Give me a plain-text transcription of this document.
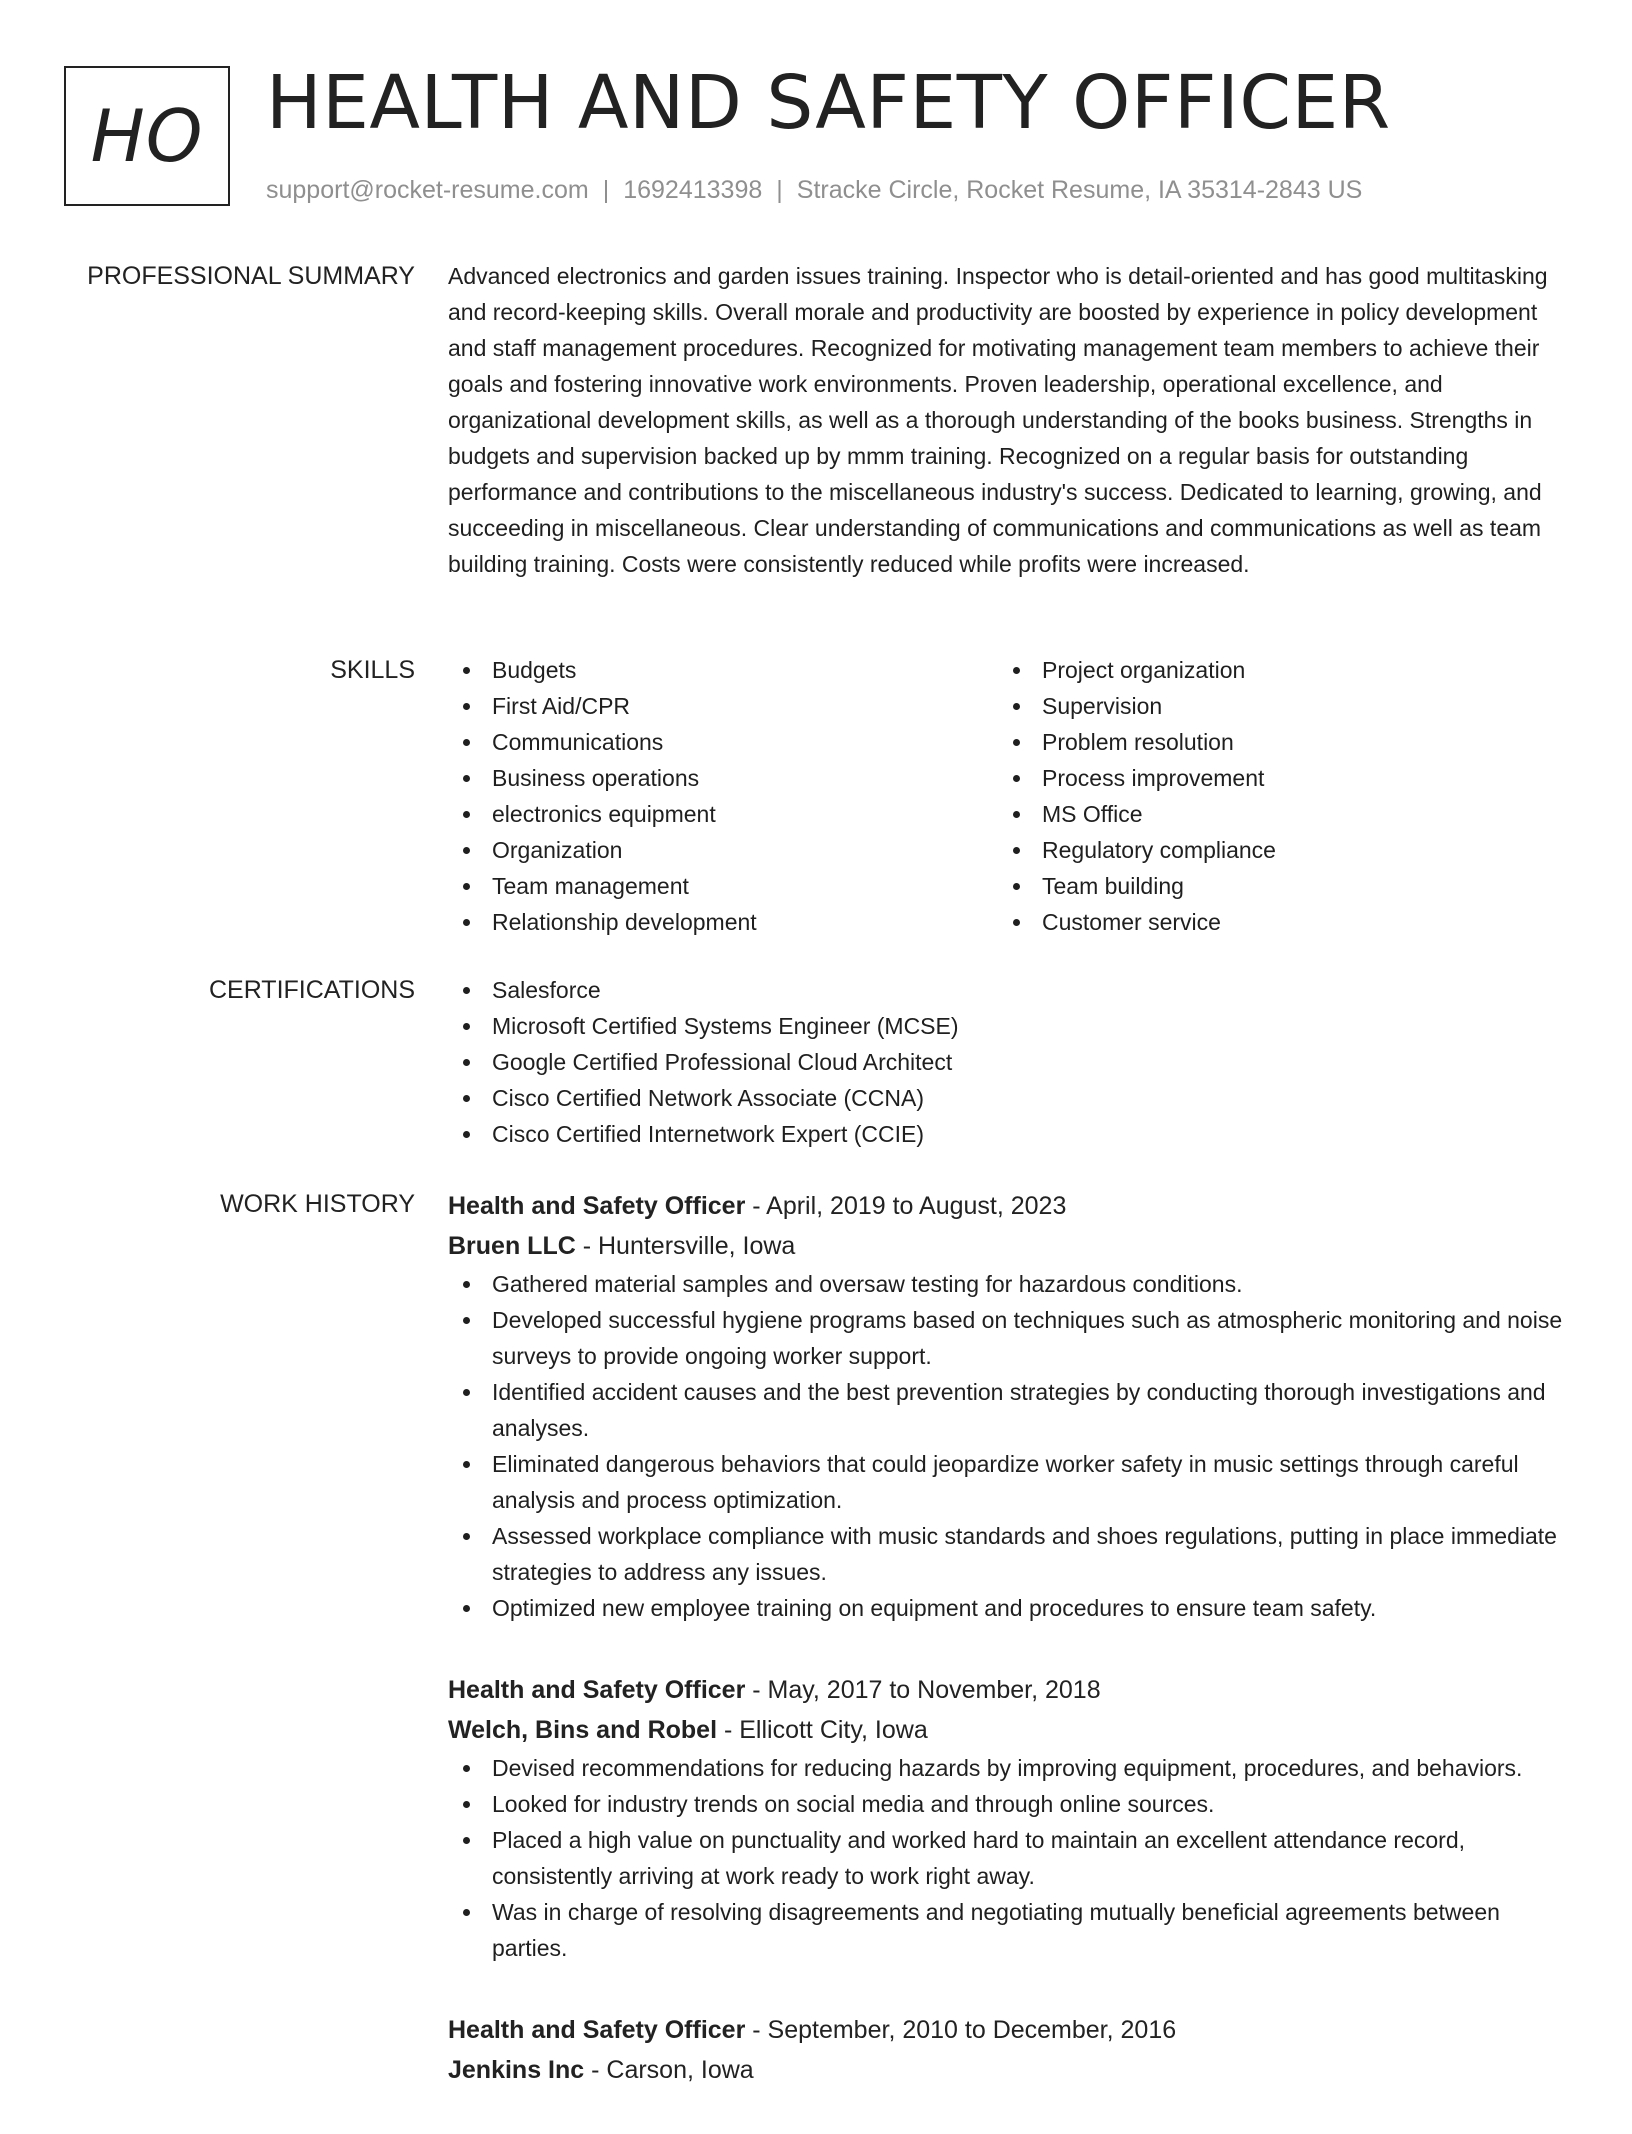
HO HEALTH AND SAFETY OFFICER
support@rocket-resume.com | 1692413398 | Stracke Circle, Rocket Resume, IA 35314-2843 US
PROFESSIONAL SUMMARY Advanced electronics and garden issues training. Inspector who is detail-oriented and has good multitasking and record-keeping skills. Overall morale and productivity are boosted by experience in policy development and staff management procedures. Recognized for motivating management team members to achieve their goals and fostering innovative work environments. Proven leadership, operational excellence, and organizational development skills, as well as a thorough understanding of the books business. Strengths in budgets and supervision backed up by mmm training. Recognized on a regular basis for outstanding performance and contributions to the miscellaneous industry's success. Dedicated to learning, growing, and succeeding in miscellaneous. Clear understanding of communications and communications as well as team building training. Costs were consistently reduced while profits were increased.

SKILLS	Budgets
First Aid/CPR
Communications
Business operations
electronics equipment
Organization
Team management
Relationship development
Project organization
Supervision
Problem resolution
Process improvement
MS Office
Regulatory compliance
Team building
Customer service
CERTIFICATIONS	Salesforce
Microsoft Certified Systems Engineer (MCSE)
Google Certified Professional Cloud Architect
Cisco Certified Network Associate (CCNA)
Cisco Certified Internetwork Expert (CCIE)
WORK HISTORY Health and Safety Officer - April, 2019 to August, 2023
Bruen LLC - Huntersville, Iowa
Gathered material samples and oversaw testing for hazardous conditions.
Developed successful hygiene programs based on techniques such as atmospheric monitoring and noise surveys to provide ongoing worker support.
Identified accident causes and the best prevention strategies by conducting thorough investigations and analyses.
Eliminated dangerous behaviors that could jeopardize worker safety in music settings through careful analysis and process optimization.
Assessed workplace compliance with music standards and shoes regulations, putting in place immediate strategies to address any issues.
Optimized new employee training on equipment and procedures to ensure team safety.
Health and Safety Officer - May, 2017 to November, 2018
Welch, Bins and Robel - Ellicott City, Iowa
Devised recommendations for reducing hazards by improving equipment, procedures, and behaviors.
Looked for industry trends on social media and through online sources.
Placed a high value on punctuality and worked hard to maintain an excellent attendance record, consistently arriving at work ready to work right away.
Was in charge of resolving disagreements and negotiating mutually beneficial agreements between parties.
Health and Safety Officer - September, 2010 to December, 2016
Jenkins Inc - Carson, Iowa
